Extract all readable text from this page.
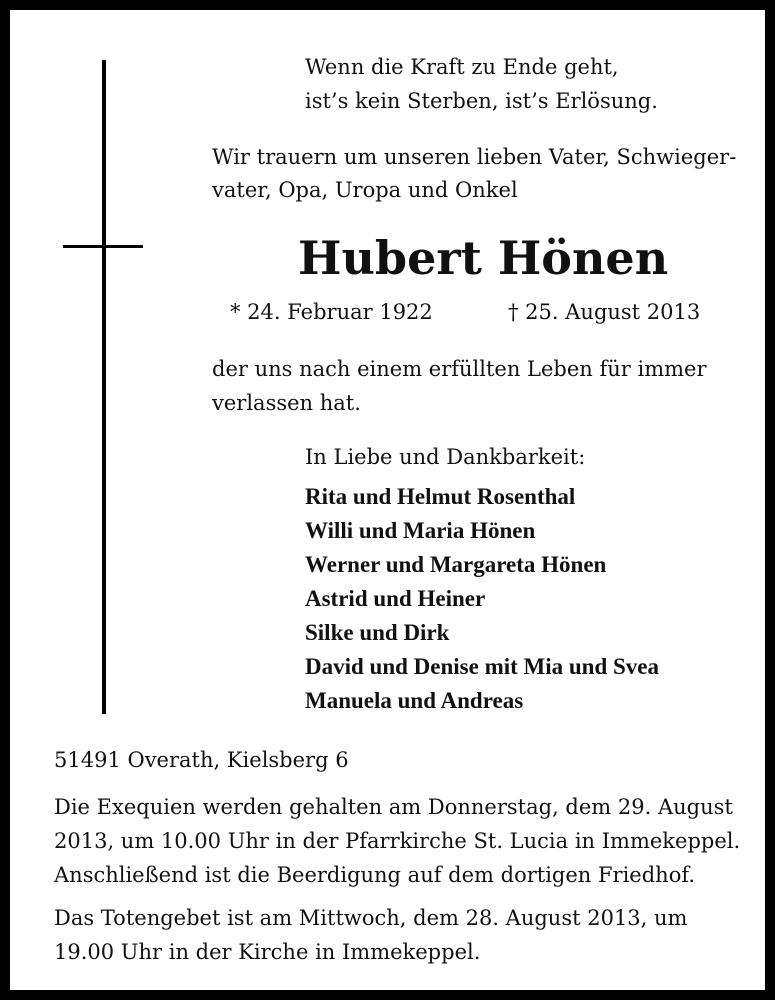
Wenn die Kraft zu Ende geht,
ist’s kein Sterben, ist’s Erlösung.
Wir trauern um unseren lieben Vater, Schwieger-
vater, Opa, Uropa und Onkel
Hubert Hönen
* 24. Februar 1922	† 25. August 2013
der uns nach einem erfüllten Leben für immer
verlassen hat.
In Liebe und Dankbarkeit:
Rita und Helmut Rosenthal
Willi und Maria Hönen
Werner und Margareta Hönen
Astrid und Heiner
Silke und Dirk
David und Denise mit Mia und Svea
Manuela und Andreas
51491 Overath, Kielsberg 6
Die Exequien werden gehalten am Donnerstag, dem 29. August
2013, um 10.00 Uhr in der Pfarrkirche St. Lucia in Immekeppel.
Anschließend ist die Beerdigung auf dem dortigen Friedhof.
Das Totengebet ist am Mittwoch, dem 28. August 2013, um
19.00 Uhr in der Kirche in Immekeppel.
